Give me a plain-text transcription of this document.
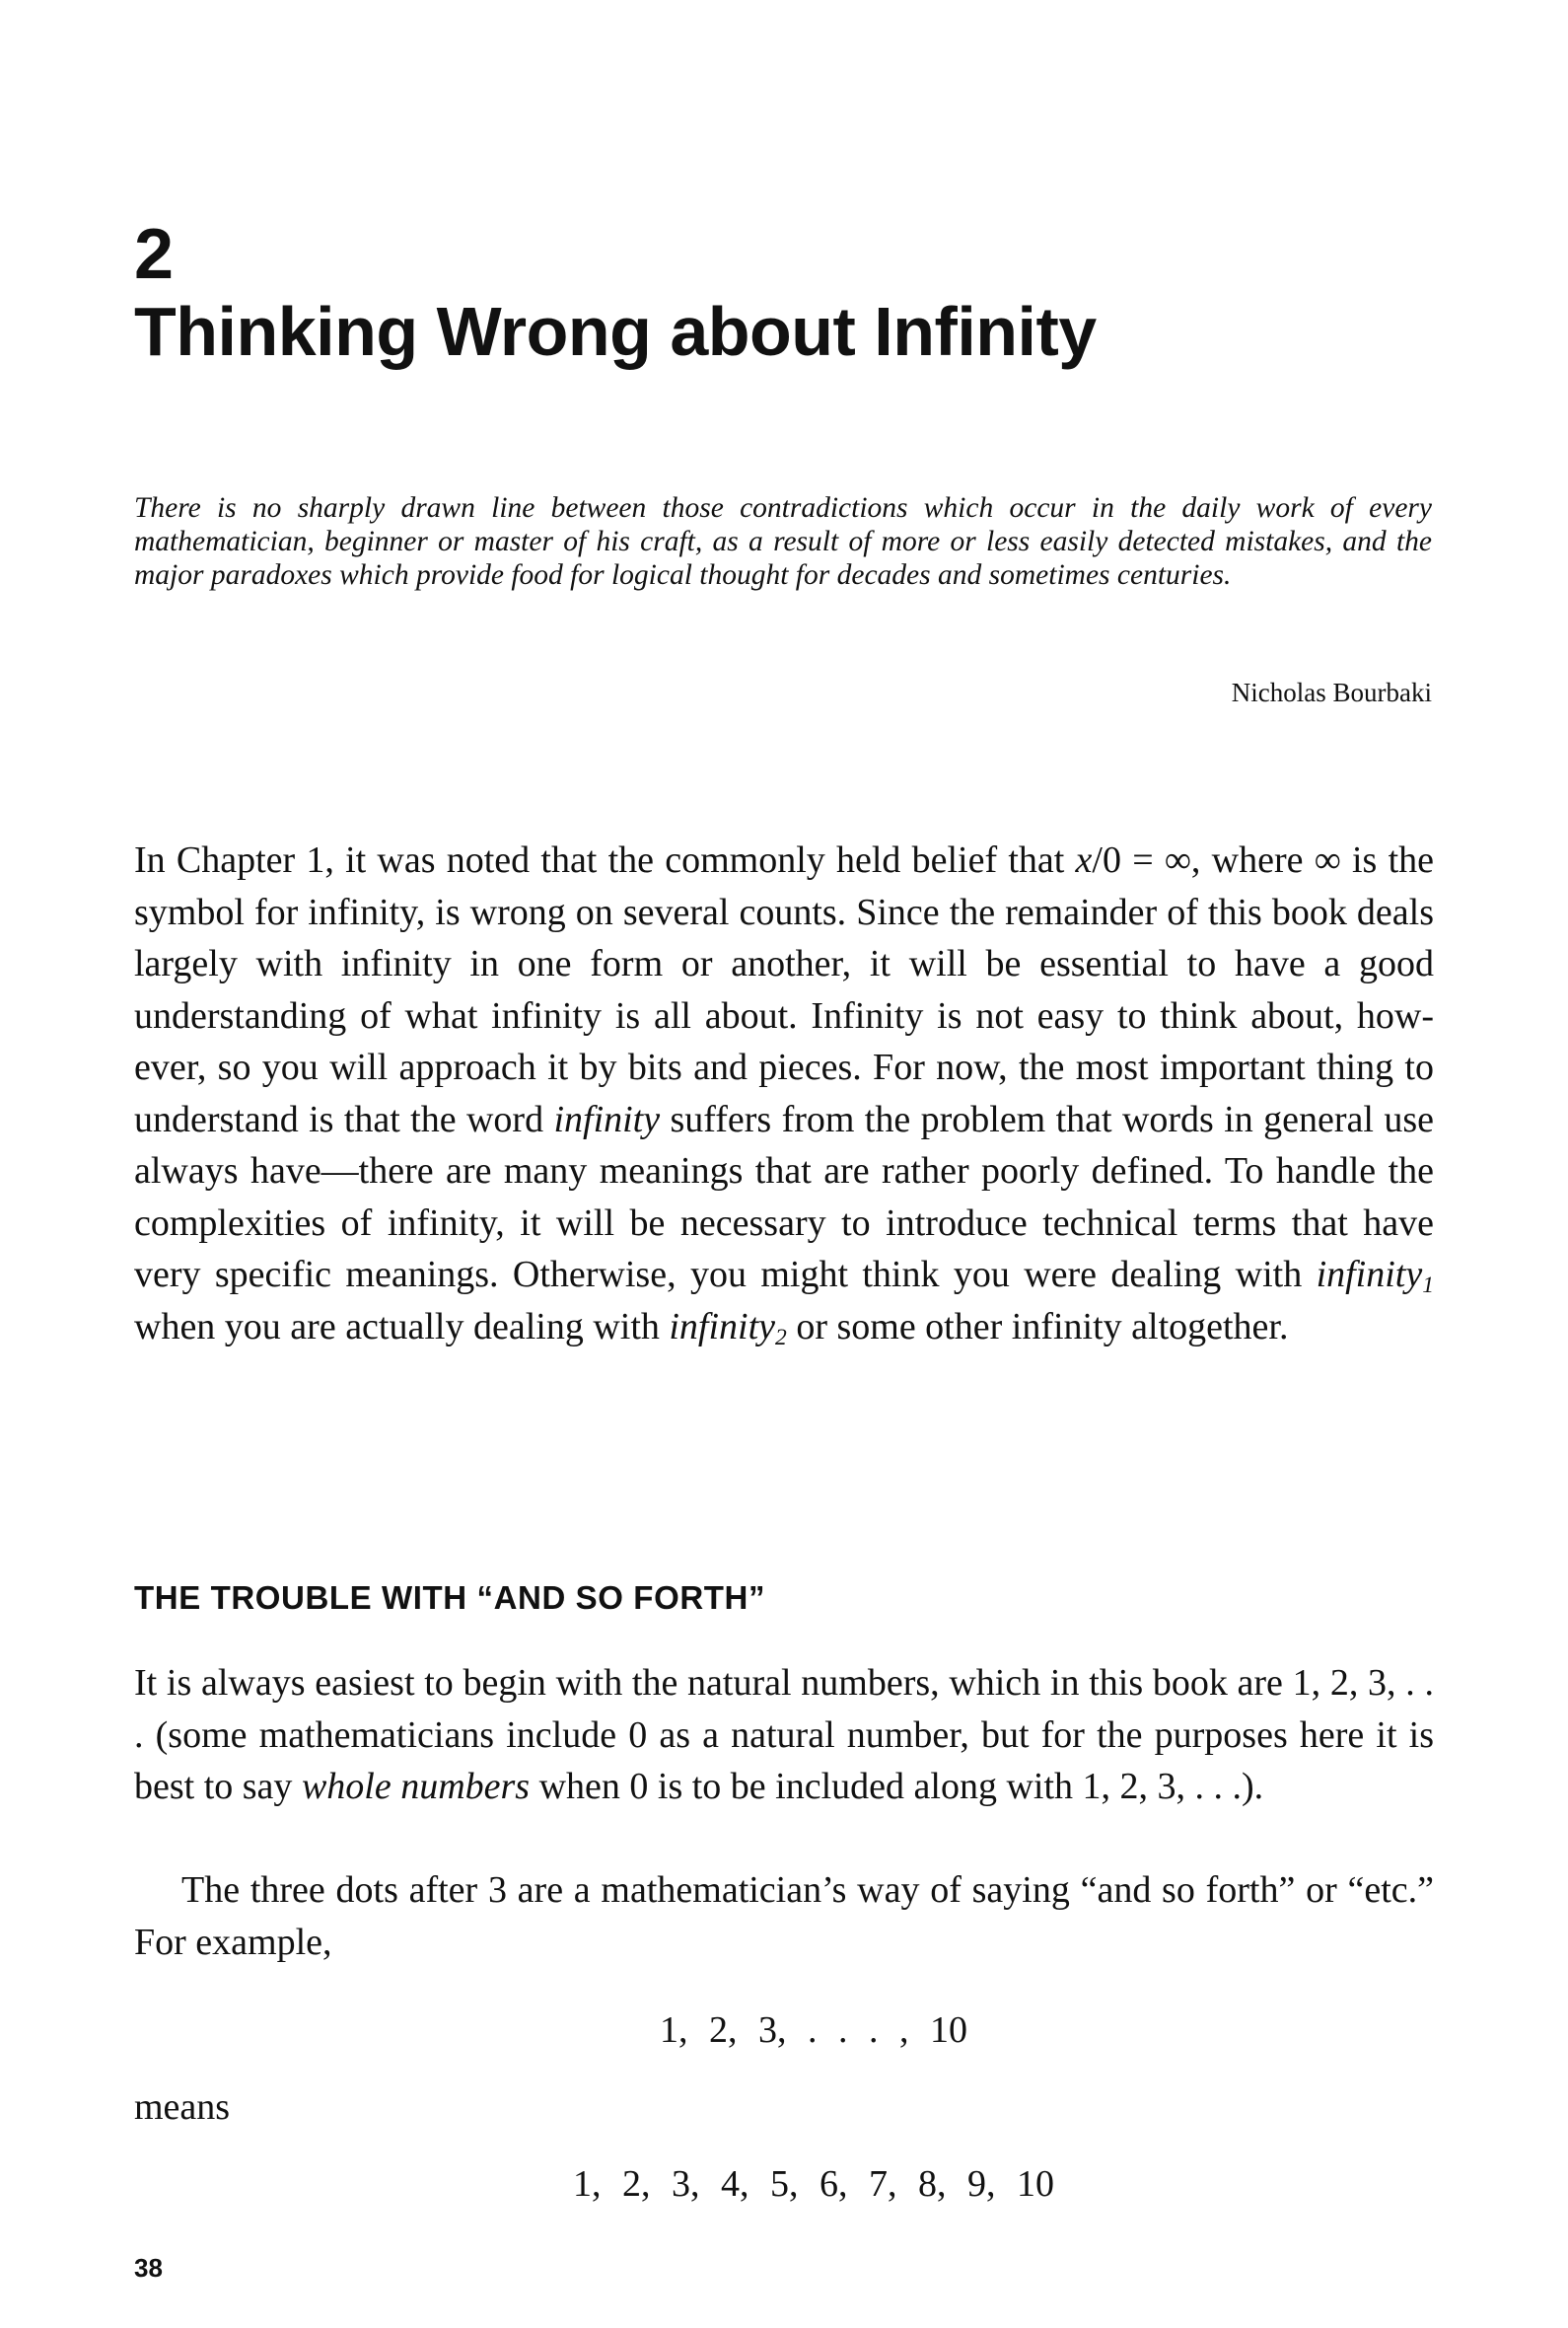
2
Thinking Wrong about Infinity

There is no sharply drawn line between those contradictions which occur in the daily work of every mathematician, beginner or master of his craft, as a result of more or less easily detected mistakes, and the major paradoxes which provide food for logical thought for decades and sometimes centuries.

Nicholas Bourbaki

In Chapter 1, it was noted that the commonly held belief that x/0 = ∞, where ∞ is the symbol for infinity, is wrong on several counts. Since the remainder of this book deals largely with infinity in one form or another, it will be essential to have a good understanding of what infinity is all about. Infinity is not easy to think about, however, so you will approach it by bits and pieces. For now, the most important thing to understand is that the word infinity suffers from the problem that words in general use always have—there are many meanings that are rather poorly defined. To handle the complexities of infinity, it will be necessary to introduce technical terms that have very specific meanings. Otherwise, you might think you were dealing with infinity$_1$ when you are actually dealing with infinity$_2$ or some other infinity altogether.

THE TROUBLE WITH “AND SO FORTH”

It is always easiest to begin with the natural numbers, which in this book are 1, 2, 3, . . . (some mathematicians include 0 as a natural number, but for the purposes here it is best to say whole numbers when 0 is to be included along with 1, 2, 3, . . .).

The three dots after 3 are a mathematician’s way of saying “and so forth” or “etc.” For example,

1, 2, 3, . . . , 10

means

1, 2, 3, 4, 5, 6, 7, 8, 9, 10

38
